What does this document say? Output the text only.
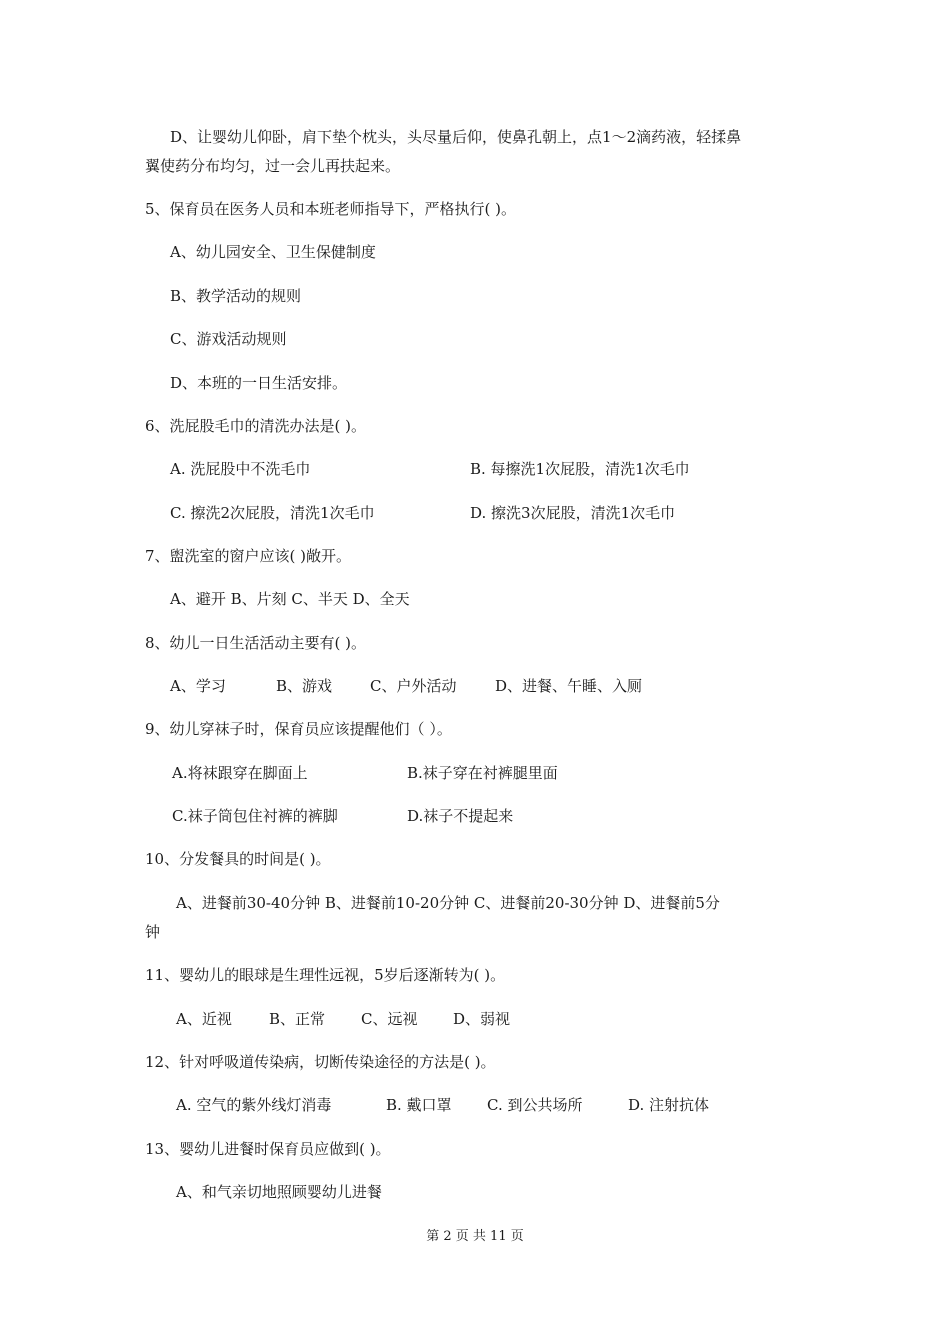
D、让婴幼儿仰卧，肩下垫个枕头，头尽量后仰，使鼻孔朝上，点1～2滴药液，轻揉鼻
翼使药分布均匀，过一会儿再扶起来。
5、保育员在医务人员和本班老师指导下，严格执行( )。
A、幼儿园安全、卫生保健制度
B、教学活动的规则
C、游戏活动规则
D、本班的一日生活安排。
6、洗屁股毛巾的清洗办法是( )。
A. 洗屁股中不洗毛巾	B. 每擦洗1次屁股，清洗1次毛巾
C. 擦洗2次屁股，清洗1次毛巾	D. 擦洗3次屁股，清洗1次毛巾
7、盥洗室的窗户应该( )敞开。
A、避开 B、片刻 C、半天 D、全天
8、幼儿一日生活活动主要有( )。
A、学习	B、游戏	C、户外活动	D、进餐、午睡、入厕
9、幼儿穿袜子时，保育员应该提醒他们（ ）。
A.将袜跟穿在脚面上	B.袜子穿在衬裤腿里面
C.袜子筒包住衬裤的裤脚	D.袜子不提起来
10、分发餐具的时间是( )。
A、进餐前30-40分钟 B、进餐前10-20分钟 C、进餐前20-30分钟 D、进餐前5分
钟
11、婴幼儿的眼球是生理性远视，5岁后逐渐转为( )。
A、近视 B、正常 C、远视 D、弱视
12、针对呼吸道传染病，切断传染途径的方法是( )。
A. 空气的紫外线灯消毒	B. 戴口罩 C. 到公共场所	D. 注射抗体
13、婴幼儿进餐时保育员应做到( )。
A、和气亲切地照顾婴幼儿进餐
第 2 页 共 11 页
